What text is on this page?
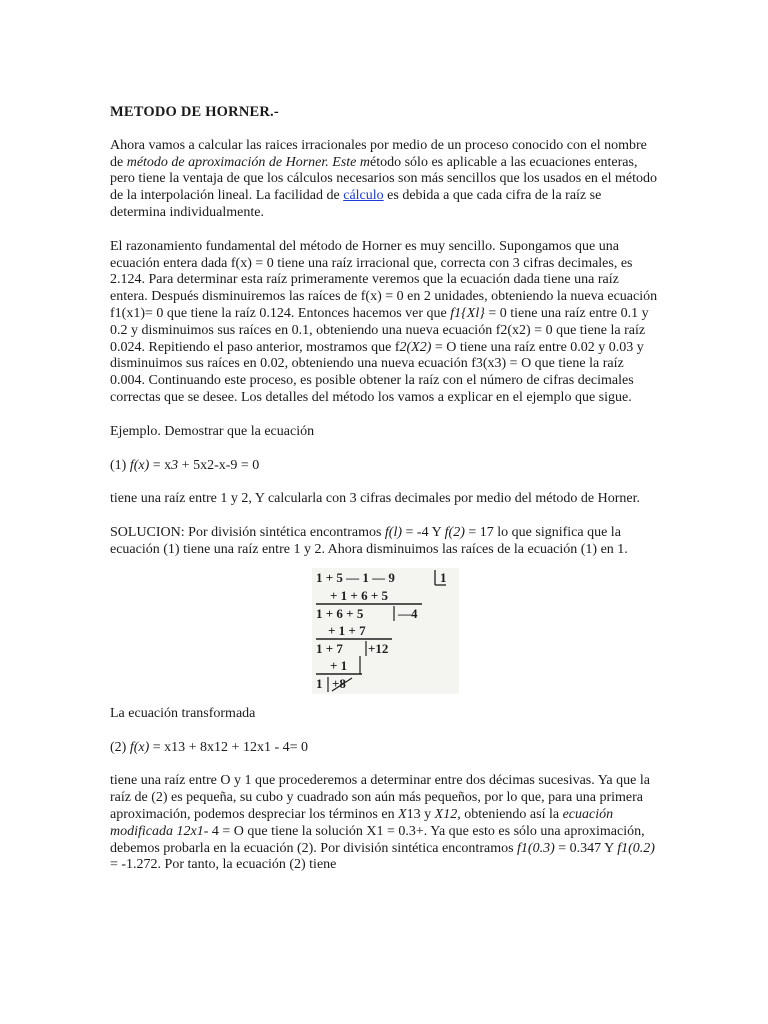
METODO DE HORNER.-

Ahora vamos a calcular las raices irracionales por medio de un proceso conocido con el nombre de método de aproximación de Horner. Este método sólo es aplicable a las ecuaciones enteras, pero tiene la ventaja de que los cálculos necesarios son más sencillos que los usados en el método de la interpolación lineal. La facilidad de cálculo es debida a que cada cifra de la raíz se determina individualmente.

El razonamiento fundamental del método de Horner es muy sencillo. Supongamos que una ecuación entera dada f(x) = 0 tiene una raíz irracional que, correcta con 3 cifras decimales, es 2.124. Para determinar esta raíz primeramente veremos que la ecuación dada tiene una raíz entera. Después disminuiremos las raíces de f(x) = 0 en 2 unidades, obteniendo la nueva ecuación f1(x1)= 0 que tiene la raíz 0.124. Entonces hacemos ver que f1{Xl} = 0 tiene una raíz entre 0.1 y 0.2 y disminuimos sus raíces en 0.1, obteniendo una nueva ecuación f2(x2) = 0 que tiene la raíz 0.024. Repitiendo el paso anterior, mostramos que f2(X2) = O tiene una raíz entre 0.02 y 0.03 y disminuimos sus raíces en 0.02, obteniendo una nueva ecuación f3(x3) = O que tiene la raíz 0.004. Continuando este proceso, es posible obtener la raíz con el número de cifras decimales correctas que se desee. Los detalles del método los vamos a explicar en el ejemplo que sigue.

Ejemplo. Demostrar que la ecuación

(1) f(x) = x3 + 5x2-x-9 = 0

tiene una raíz entre 1 y 2, Y calcularla con 3 cifras decimales por medio del método de Horner.

SOLUCION: Por división sintética encontramos f(l) = -4 Y f(2) = 17 lo que significa que la ecuación (1) tiene una raíz entre 1 y 2. Ahora disminuimos las raíces de la ecuación (1) en 1.

1 + 5 — 1 — 9	1
+ 1 + 6 + 5
1 + 6 + 5	—4
+ 1 + 7
1 + 7 +12
+ 1
1 +8

La ecuación transformada

(2) f(x) = x13 + 8x12 + 12x1 - 4= 0

tiene una raíz entre O y 1 que procederemos a determinar entre dos décimas sucesivas. Ya que la raíz de (2) es pequeña, su cubo y cuadrado son aún más pequeños, por lo que, para una primera aproximación, podemos despreciar los términos en X13 y X12, obteniendo así la ecuación modificada 12x1- 4 = O que tiene la solución X1 = 0.3+. Ya que esto es sólo una aproximación, debemos probarla en la ecuación (2). Por división sintética encontramos f1(0.3) = 0.347 Y f1(0.2) = -1.272. Por tanto, la ecuación (2) tiene
